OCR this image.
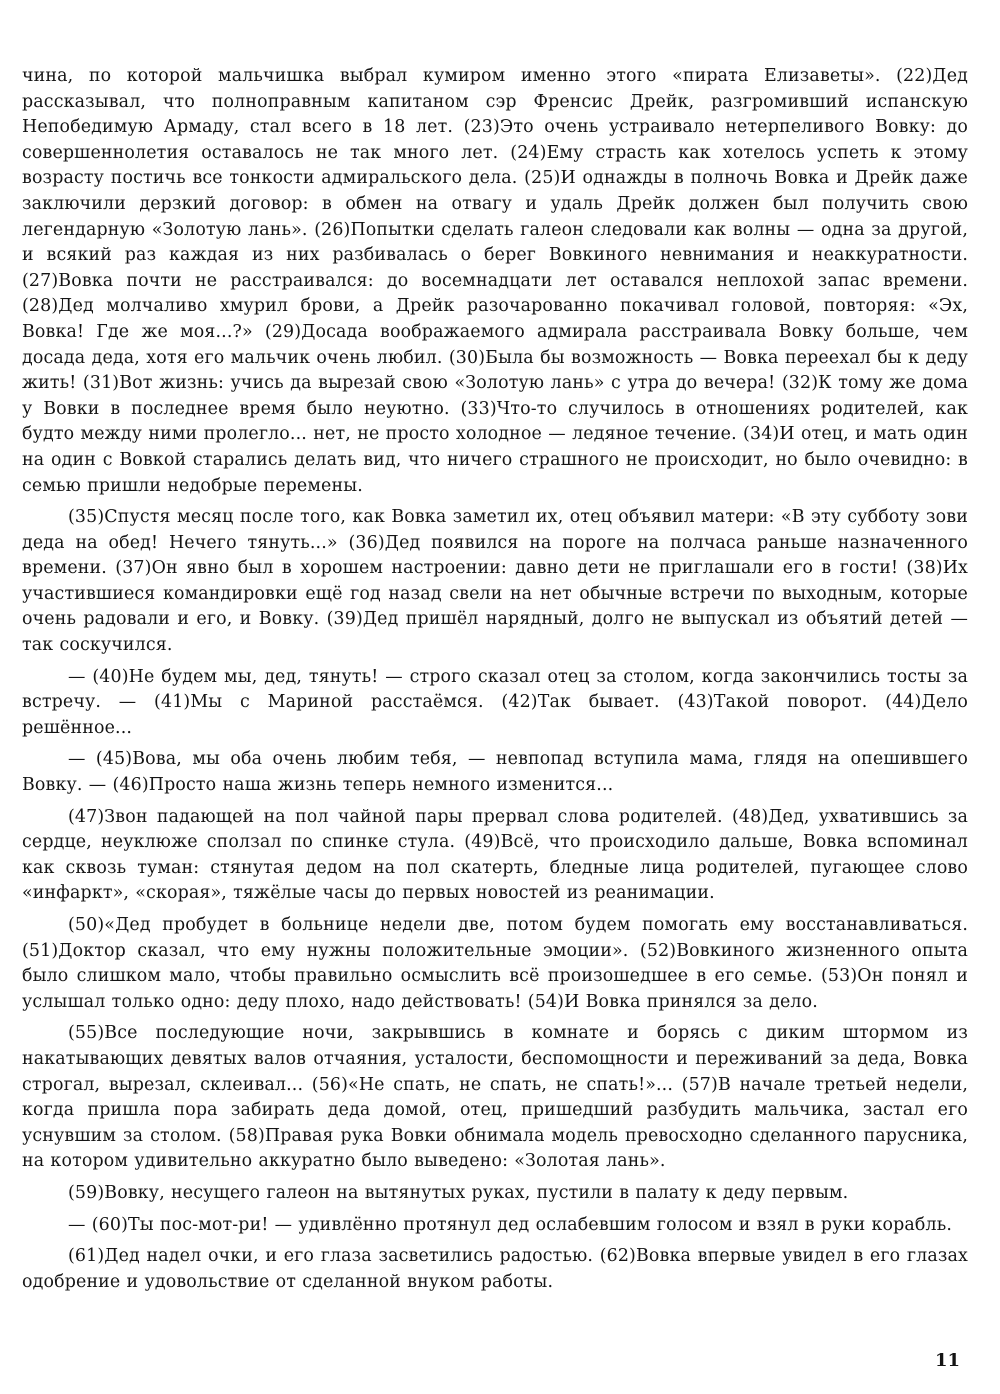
чина, по которой мальчишка выбрал кумиром именно этого «пирата Елизаветы». (22)Дед рассказывал, что полноправным капитаном сэр Френсис Дрейк, разгромивший испанскую Непобедимую Армаду, стал всего в 18 лет. (23)Это очень устраивало нетерпеливого Вовку: до совершеннолетия оставалось не так много лет. (24)Ему страсть как хотелось успеть к этому возрасту постичь все тонкости адмиральского дела. (25)И однажды в полночь Вовка и Дрейк даже заключили дерзкий договор: в обмен на отвагу и удаль Дрейк должен был получить свою легендарную «Золотую лань». (26)Попытки сделать галеон следовали как волны — одна за другой, и всякий раз каждая из них разбивалась о берег Вовкиного невнимания и неаккуратности. (27)Вовка почти не расстраивался: до восемнадцати лет оставался неплохой запас времени. (28)Дед молчаливо хмурил брови, а Дрейк разочарованно покачивал головой, повторяя: «Эх, Вовка! Где же моя...?» (29)Досада воображаемого адмирала расстраивала Вовку больше, чем досада деда, хотя его мальчик очень любил. (30)Была бы возможность — Вовка переехал бы к деду жить! (31)Вот жизнь: учись да вырезай свою «Золотую лань» с утра до вечера! (32)К тому же дома у Вовки в последнее время было неуютно. (33)Что-то случилось в отношениях родителей, как будто между ними пролегло... нет, не просто холодное — ледяное течение. (34)И отец, и мать один на один с Вовкой старались делать вид, что ничего страшного не происходит, но было очевидно: в семью пришли недобрые перемены.

(35)Спустя месяц после того, как Вовка заметил их, отец объявил матери: «В эту субботу зови деда на обед! Нечего тянуть...» (36)Дед появился на пороге на полчаса раньше назначенного времени. (37)Он явно был в хорошем настроении: давно дети не приглашали его в гости! (38)Их участившиеся командировки ещё год назад свели на нет обычные встречи по выходным, которые очень радовали и его, и Вовку. (39)Дед пришёл нарядный, долго не выпускал из объятий детей — так соскучился.

— (40)Не будем мы, дед, тянуть! — строго сказал отец за столом, когда закончились тосты за встречу. — (41)Мы с Мариной расстаёмся. (42)Так бывает. (43)Такой поворот. (44)Дело решённое...

— (45)Вова, мы оба очень любим тебя, — невпопад вступила мама, глядя на опешившего Вовку. — (46)Просто наша жизнь теперь немного изменится...

(47)Звон падающей на пол чайной пары прервал слова родителей. (48)Дед, ухватившись за сердце, неуклюже сползал по спинке стула. (49)Всё, что происходило дальше, Вовка вспоминал как сквозь туман: стянутая дедом на пол скатерть, бледные лица родителей, пугающее слово «инфаркт», «скорая», тяжёлые часы до первых новостей из реанимации.

(50)«Дед пробудет в больнице недели две, потом будем помогать ему восстанавливаться. (51)Доктор сказал, что ему нужны положительные эмоции». (52)Вовкиного жизненного опыта было слишком мало, чтобы правильно осмыслить всё произошедшее в его семье. (53)Он понял и услышал только одно: деду плохо, надо действовать! (54)И Вовка принялся за дело.

(55)Все последующие ночи, закрывшись в комнате и борясь с диким штормом из накатывающих девятых валов отчаяния, усталости, беспомощности и переживаний за деда, Вовка строгал, вырезал, склеивал... (56)«Не спать, не спать, не спать!»... (57)В начале третьей недели, когда пришла пора забирать деда домой, отец, пришедший разбудить мальчика, застал его уснувшим за столом. (58)Правая рука Вовки обнимала модель превосходно сделанного парусника, на котором удивительно аккуратно было выведено: «Золотая лань».

(59)Вовку, несущего галеон на вытянутых руках, пустили в палату к деду первым.

— (60)Ты пос-мот-ри! — удивлённо протянул дед ослабевшим голосом и взял в руки корабль.

(61)Дед надел очки, и его глаза засветились радостью. (62)Вовка впервые увидел в его глазах одобрение и удовольствие от сделанной внуком работы.

11
